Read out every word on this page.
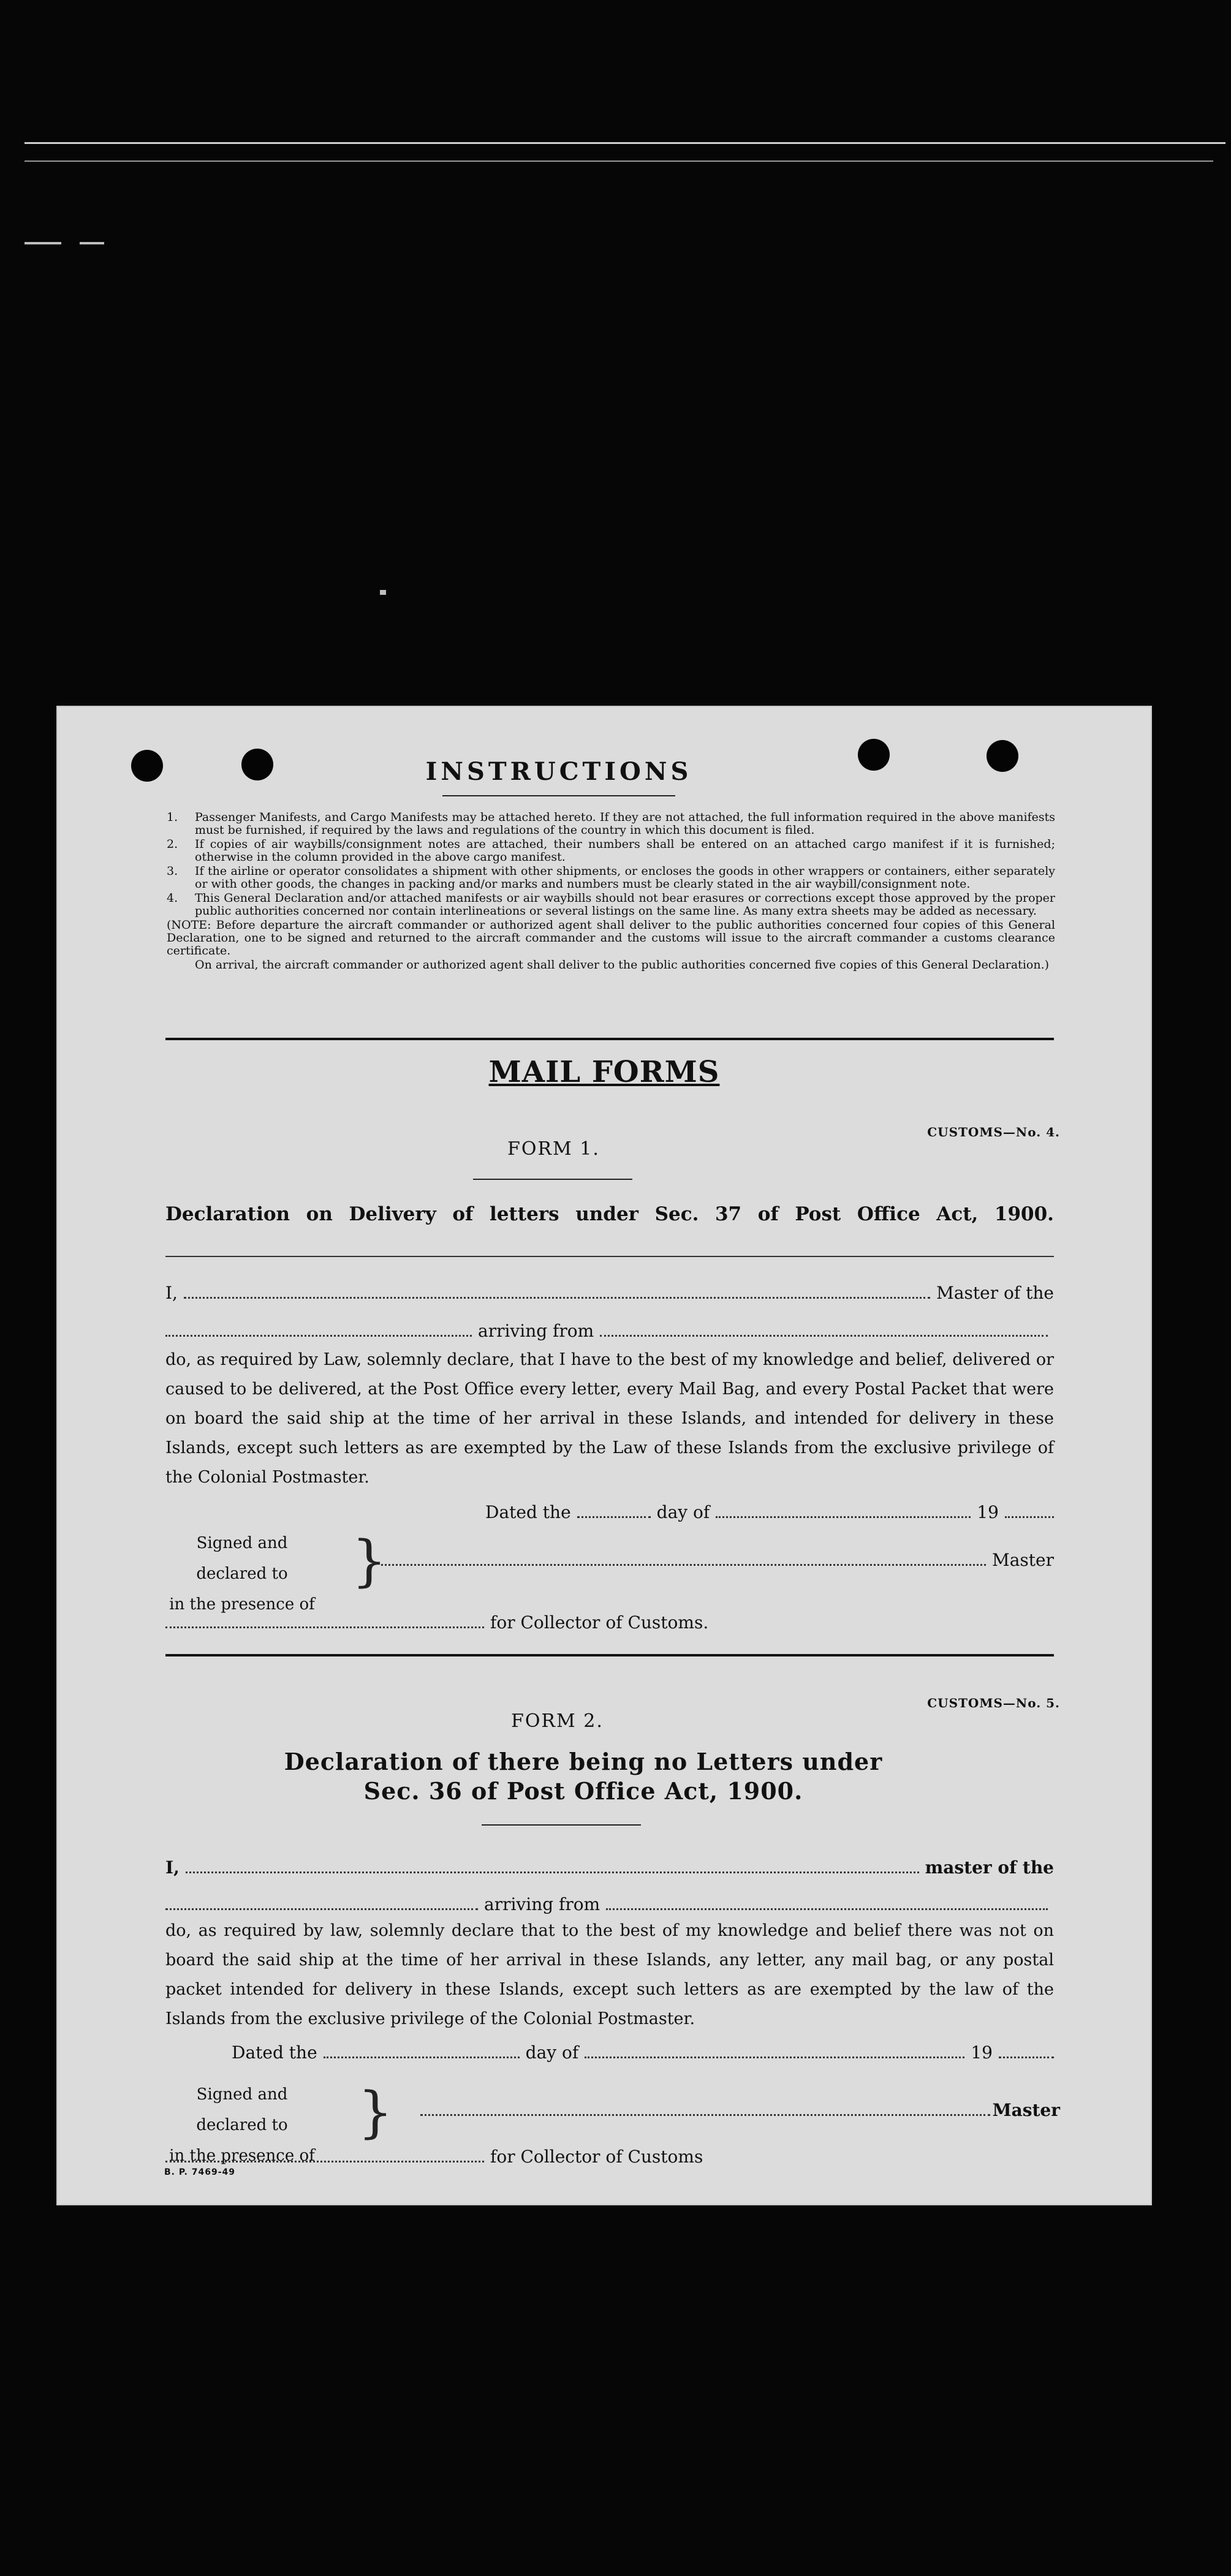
INSTRUCTIONS
1. Passenger Manifests, and Cargo Manifests may be attached hereto. If they are not attached, the full information required in the above manifests must be furnished, if required by the laws and regulations of the country in which this document is filed.
2. If copies of air waybills/consignment notes are attached, their numbers shall be entered on an attached cargo manifest if it is furnished; otherwise in the column provided in the above cargo manifest.
3. If the airline or operator consolidates a shipment with other shipments, or encloses the goods in other wrappers or containers, either separately or with other goods, the changes in packing and/or marks and numbers must be clearly stated in the air waybill/consignment note.
4. This General Declaration and/or attached manifests or air waybills should not bear erasures or corrections except those approved by the proper public authorities concerned nor contain interlineations or several listings on the same line. As many extra sheets may be added as necessary.
(NOTE: Before departure the aircraft commander or authorized agent shall deliver to the public authorities concerned four copies of this General Declaration, one to be signed and returned to the aircraft commander and the customs will issue to the aircraft commander a customs clearance certificate.
On arrival, the aircraft commander or authorized agent shall deliver to the public authorities concerned five copies of this General Declaration.)
MAIL FORMS
CUSTOMS—No. 4.
FORM 1.
Declaration on Delivery of letters under Sec. 37 of Post Office Act, 1900.
I,	Master of the
arriving from

do, as required by Law, solemnly declare, that I have to the best of my knowledge and belief, delivered or caused to be delivered, at the Post Office every letter, every Mail Bag, and every Postal Packet that were on board the said ship at the time of her arrival in these Islands, and intended for delivery in these Islands, except such letters as are exempted by the Law of these Islands from the exclusive privilege of the Colonial Postmaster.

Dated the	day of	19
Signed and declared to
in the presence of
}	Master
for Collector of Customs.
CUSTOMS—No. 5.
FORM 2.
Declaration of there being no Letters under
Sec. 36 of Post Office Act, 1900.
I,	master of the
arriving from

do, as required by law, solemnly declare that to the best of my knowledge and belief there was not on board the said ship at the time of her arrival in these Islands, any letter, any mail bag, or any postal packet intended for delivery in these Islands, except such letters as are exempted by the law of the Islands from the exclusive privilege of the Colonial Postmaster.

Dated the	day of	19
Signed and declared to
in the presence of
}	Master
for Collector of Customs
B. P. 7469-49
